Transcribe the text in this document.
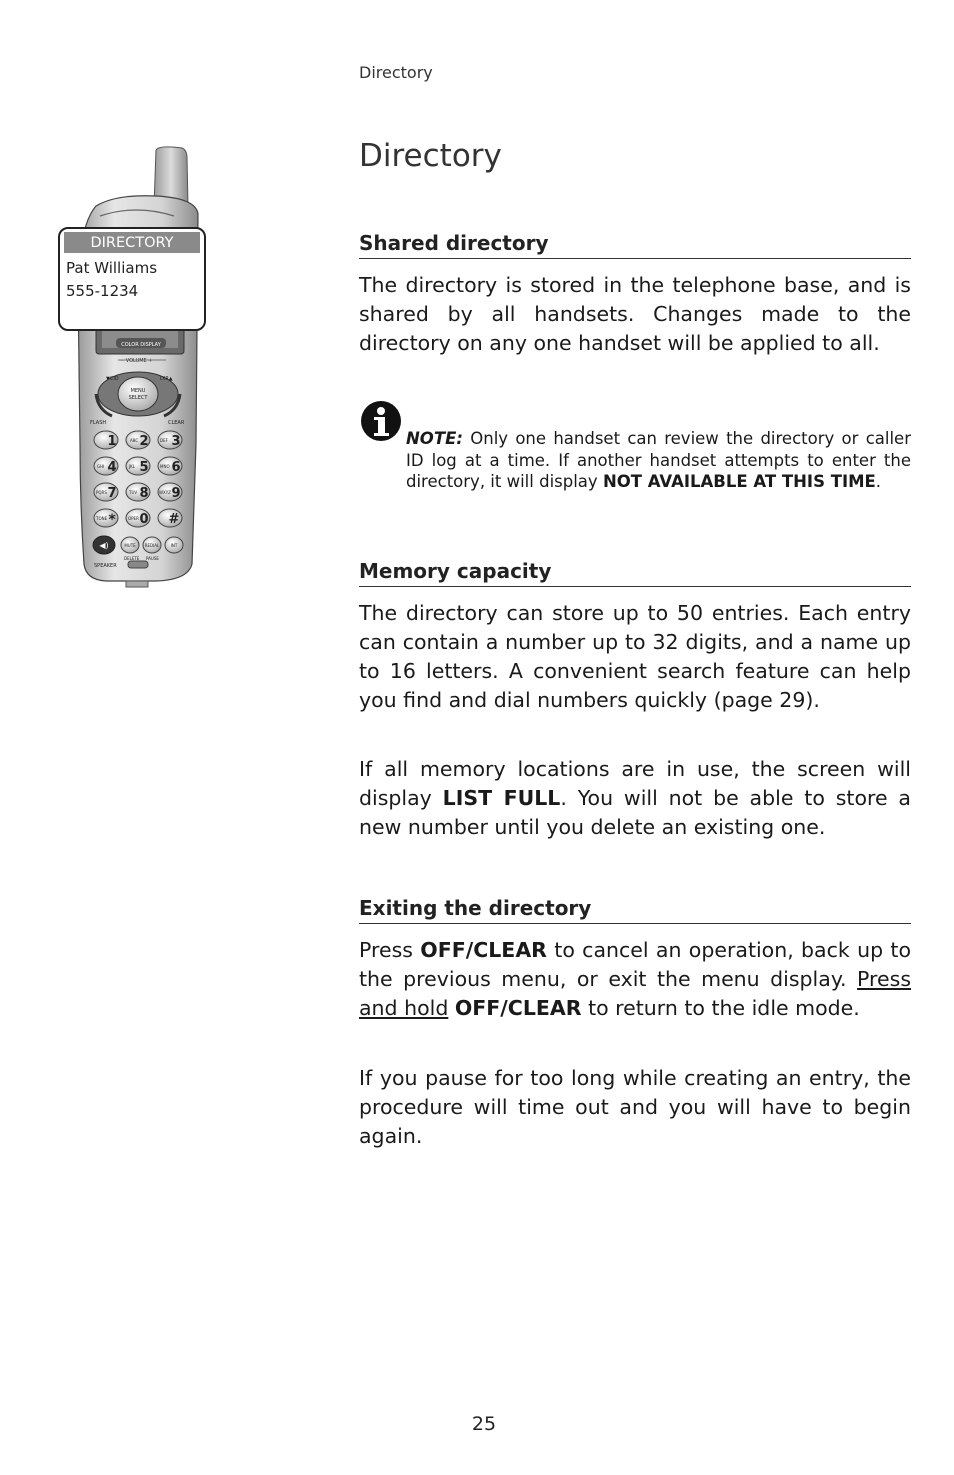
Directory
Directory
COLOR DISPLAY
− VOLUME +
MENU
SELECT
▼CID	DIR▲
FLASH	CLEAR
1	ABC 2	DEF 3
GHI 4	JKL 5	MNO 6
PQRS 7	TUV 8	WXYZ 9
TONE *	OPER 0 #
◀)	MUTE REDIAL	INT
DELETE PAUSE
SPEAKER
DIRECTORY
Pat Williams
555-1234
Shared directory

The directory is stored in the telephone base, and is shared by all handsets. Changes made to the directory on any one handset will be applied to all.

NOTE: Only one handset can review the directory or caller ID log at a time. If another handset attempts to enter the directory, it will display NOT AVAILABLE AT THIS TIME.

Memory capacity

The directory can store up to 50 entries. Each entry can contain a number up to 32 digits, and a name up to 16 letters. A convenient search feature can help you find and dial numbers quickly (page 29).

If all memory locations are in use, the screen will display LIST FULL. You will not be able to store a new number until you delete an existing one.

Exiting the directory

Press OFF/CLEAR to cancel an operation, back up to the previous menu, or exit the menu display. Press and hold OFF/CLEAR to return to the idle mode.

If you pause for too long while creating an entry, the procedure will time out and you will have to begin again.

25
